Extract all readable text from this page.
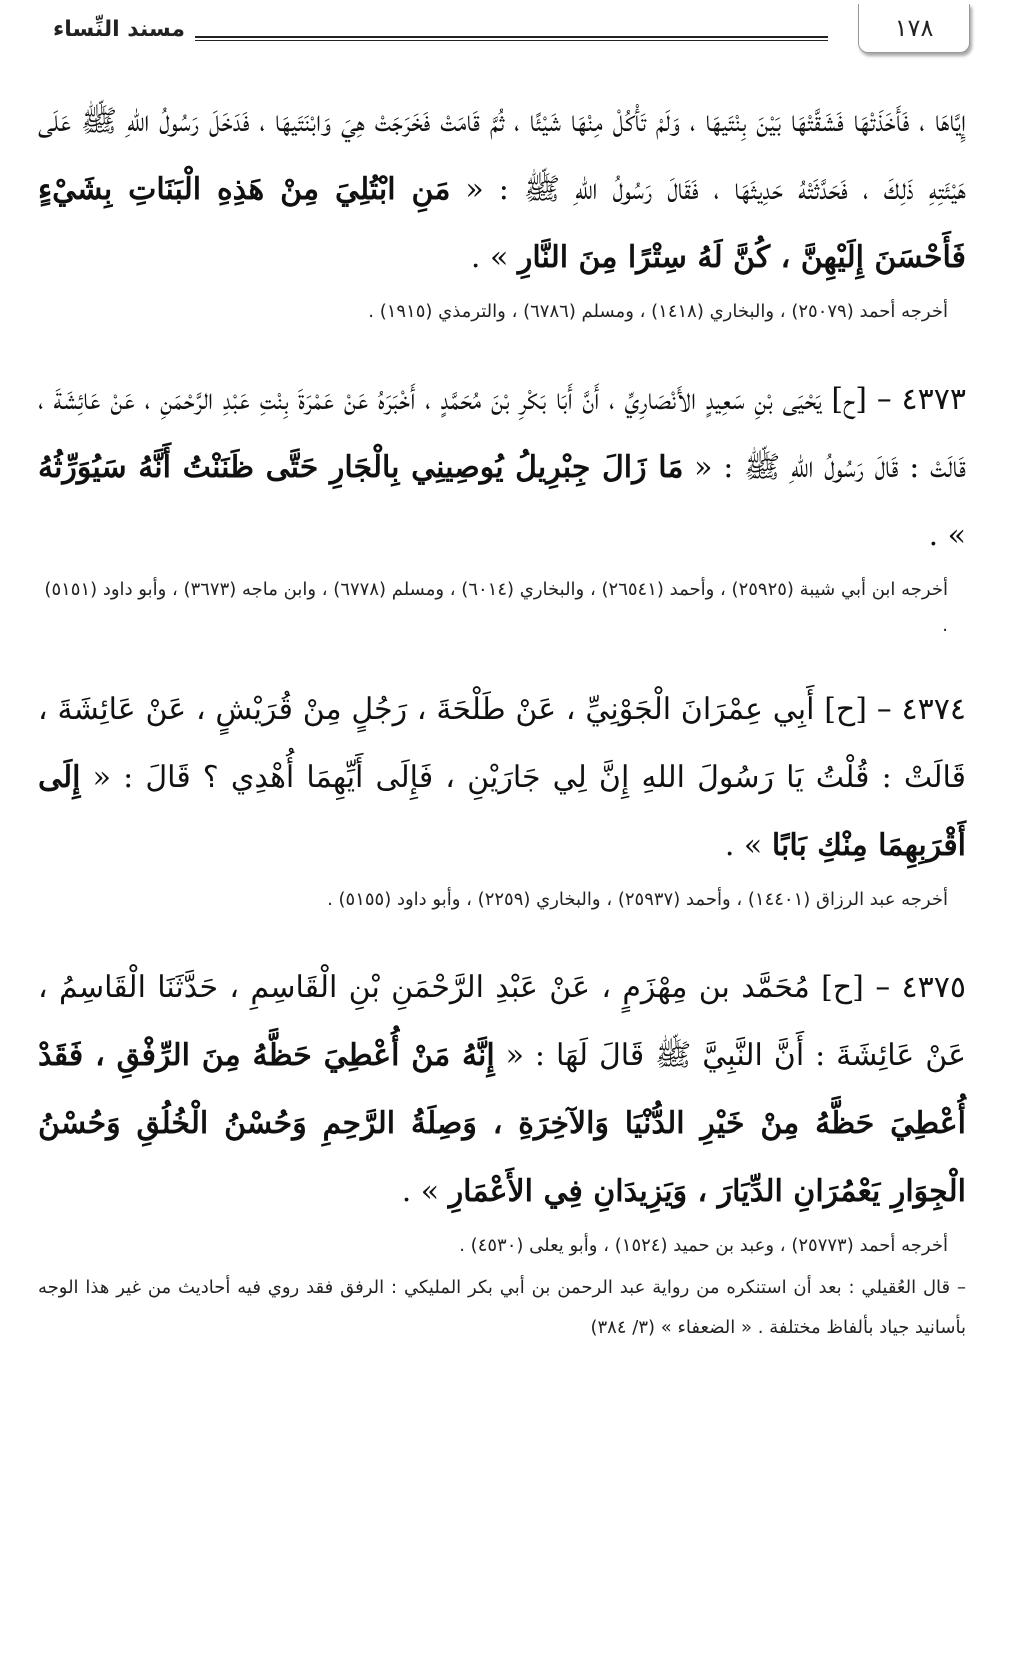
١٧٨
مسند النِّساء

إِيَّاهَا ، فَأَخَذَتْهَا فَشَقَّتْهَا بَيْنَ بِنْتَيهَا ، وَلَمْ تَأْكُلْ مِنْهَا شَيْئًا ، ثُمَّ قَامَتْ فَخَرَجَتْ هِيَ وَابْنَتَيهَا ، فَدَخَلَ رَسُولُ اللهِ ﷺ عَلَى هَيْئَتِهِ ذَلِكَ ، فَحَدَّثَتْهُ حَدِيثَهَا ، فَقَالَ رَسُولُ اللهِ ﷺ : « مَنِ ابْتُلِيَ مِنْ هَذِهِ الْبَنَاتِ بِشَيْءٍ فَأَحْسَنَ إِلَيْهِنَّ ، كُنَّ لَهُ سِتْرًا مِنَ النَّارِ » .

أخرجه أحمد (٢٥٠٧٩) ، والبخاري (١٤١٨) ، ومسلم (٦٧٨٦) ، والترمذي (١٩١٥) .

٤٣٧٣ – [ح] يَحْيَى بْنِ سَعِيدٍ الأَنْصَارِيِّ ، أَنَّ أَبَا بَكْرِ بْنَ مُحَمَّدٍ ، أَخْبَرَهُ عَنْ عَمْرَةَ بِنْتِ عَبْدِ الرَّحْمَنِ ، عَنْ عَائِشَةَ ، قَالَتْ : قَالَ رَسُولُ اللهِ ﷺ : « مَا زَالَ جِبْرِيلُ يُوصِينِي بِالْجَارِ حَتَّى ظَنَنْتُ أَنَّهُ سَيُوَرِّثُهُ » .

أخرجه ابن أبي شيبة (٢٥٩٢٥) ، وأحمد (٢٦٥٤١) ، والبخاري (٦٠١٤) ، ومسلم (٦٧٧٨) ، وابن ماجه (٣٦٧٣) ، وأبو داود (٥١٥١) .

٤٣٧٤ – [ح] أَبِي عِمْرَانَ الْجَوْنِيِّ ، عَنْ طَلْحَةَ ، رَجُلٍ مِنْ قُرَيْشٍ ، عَنْ عَائِشَةَ ، قَالَتْ : قُلْتُ يَا رَسُولَ اللهِ إِنَّ لِي جَارَيْنِ ، فَإِلَى أَيِّهِمَا أُهْدِي ؟ قَالَ : « إِلَى أَقْرَبِهِمَا مِنْكِ بَابًا » .

أخرجه عبد الرزاق (١٤٤٠١) ، وأحمد (٢٥٩٣٧) ، والبخاري (٢٢٥٩) ، وأبو داود (٥١٥٥) .

٤٣٧٥ – [ح] مُحَمَّد بن مِهْزَمٍ ، عَنْ عَبْدِ الرَّحْمَنِ بْنِ الْقَاسِمِ ، حَدَّثَنَا الْقَاسِمُ ، عَنْ عَائِشَةَ : أَنَّ النَّبِيَّ ﷺ قَالَ لَهَا : « إِنَّهُ مَنْ أُعْطِيَ حَظَّهُ مِنَ الرِّفْقِ ، فَقَدْ أُعْطِيَ حَظَّهُ مِنْ خَيْرِ الدُّنْيَا وَالآخِرَةِ ، وَصِلَةُ الرَّحِمِ وَحُسْنُ الْخُلُقِ وَحُسْنُ الْجِوَارِ يَعْمُرَانِ الدِّيَارَ ، وَيَزِيدَانِ فِي الأَعْمَارِ » .

أخرجه أحمد (٢٥٧٧٣) ، وعبد بن حميد (١٥٢٤) ، وأبو يعلى (٤٥٣٠) .

– قال العُقيلي : بعد أن استنكره من رواية عبد الرحمن بن أبي بكر المليكي : الرفق فقد روي فيه أحاديث من غير هذا الوجه بأسانيد جياد بألفاظ مختلفة . « الضعفاء » (٣/ ٣٨٤)
